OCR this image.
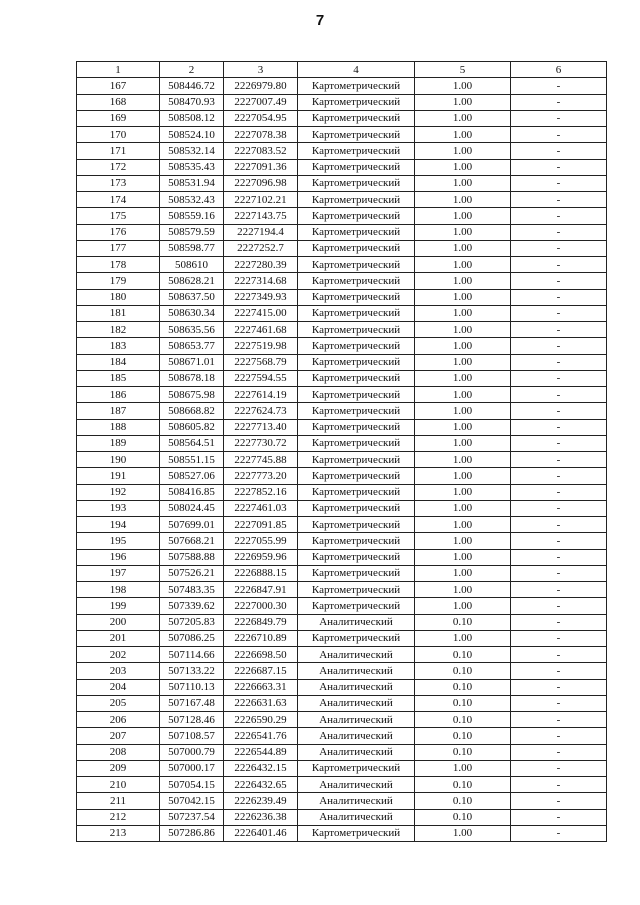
7
1	2	3	4	5	6
167	508446.72	2226979.80	Картометрический	1.00	-
168	508470.93	2227007.49	Картометрический	1.00	-
169	508508.12	2227054.95	Картометрический	1.00	-
170	508524.10	2227078.38	Картометрический	1.00	-
171	508532.14	2227083.52	Картометрический	1.00	-
172	508535.43	2227091.36	Картометрический	1.00	-
173	508531.94	2227096.98	Картометрический	1.00	-
174	508532.43	2227102.21	Картометрический	1.00	-
175	508559.16	2227143.75	Картометрический	1.00	-
176	508579.59	2227194.4	Картометрический	1.00	-
177	508598.77	2227252.7	Картометрический	1.00	-
178	508610	2227280.39	Картометрический	1.00	-
179	508628.21	2227314.68	Картометрический	1.00	-
180	508637.50	2227349.93	Картометрический	1.00	-
181	508630.34	2227415.00	Картометрический	1.00	-
182	508635.56	2227461.68	Картометрический	1.00	-
183	508653.77	2227519.98	Картометрический	1.00	-
184	508671.01	2227568.79	Картометрический	1.00	-
185	508678.18	2227594.55	Картометрический	1.00	-
186	508675.98	2227614.19	Картометрический	1.00	-
187	508668.82	2227624.73	Картометрический	1.00	-
188	508605.82	2227713.40	Картометрический	1.00	-
189	508564.51	2227730.72	Картометрический	1.00	-
190	508551.15	2227745.88	Картометрический	1.00	-
191	508527.06	2227773.20	Картометрический	1.00	-
192	508416.85	2227852.16	Картометрический	1.00	-
193	508024.45	2227461.03	Картометрический	1.00	-
194	507699.01	2227091.85	Картометрический	1.00	-
195	507668.21	2227055.99	Картометрический	1.00	-
196	507588.88	2226959.96	Картометрический	1.00	-
197	507526.21	2226888.15	Картометрический	1.00	-
198	507483.35	2226847.91	Картометрический	1.00	-
199	507339.62	2227000.30	Картометрический	1.00	-
200	507205.83	2226849.79	Аналитический	0.10	-
201	507086.25	2226710.89	Картометрический	1.00	-
202	507114.66	2226698.50	Аналитический	0.10	-
203	507133.22	2226687.15	Аналитический	0.10	-
204	507110.13	2226663.31	Аналитический	0.10	-
205	507167.48	2226631.63	Аналитический	0.10	-
206	507128.46	2226590.29	Аналитический	0.10	-
207	507108.57	2226541.76	Аналитический	0.10	-
208	507000.79	2226544.89	Аналитический	0.10	-
209	507000.17	2226432.15	Картометрический	1.00	-
210	507054.15	2226432.65	Аналитический	0.10	-
211	507042.15	2226239.49	Аналитический	0.10	-
212	507237.54	2226236.38	Аналитический	0.10	-
213	507286.86	2226401.46	Картометрический	1.00	-
